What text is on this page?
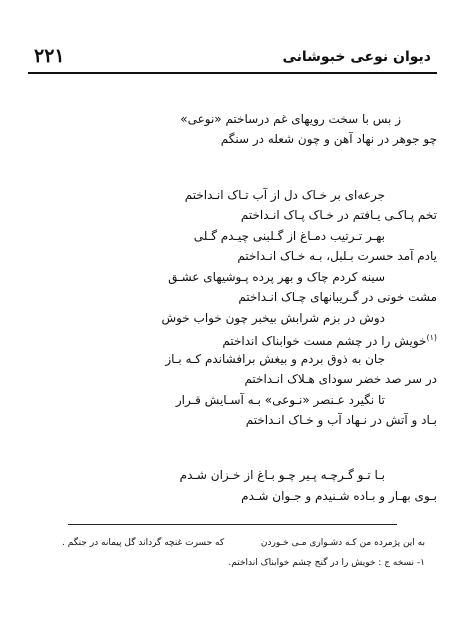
۲۲۱	دیوان نوعی خبوشانی
ز بس با سخت رویهای غم درساختم «نوعی»
چو جوهر در نهاد آهن و چون شعله در سنگم
جرعه‌ای بر خـاک دل از آب تـاک انـداختم
تخم پـاکـی یـافتم در خـاک پـاک انـداختم
بهـر تـرتیب دمـاغ از گـلبنی چیـدم گـلی
یادم آمد حسرت بـلبل، بـه خـاک انـداختم
سینه کردم چاک و بهر پرده پـوشیهای عشـق
مشت خونی در گـریبانهای چـاک انـداختم
دوش در بزم شرابش بیخبر چون خواب خوش
$^{(۱)}$خویش را در چشم مست خوابناک انداختم
جان به ذوق بردم و بیغش برافشاندم کـه بـاز
در سر صد خضر سودای هـلاک انـداختم
تا نگیرد عـنصر «نـوعی» بـه آسـایش قـرار
بـاد و آتش در نـهاد آب و خـاک انـداختم
بـا تـو گـرچـه پـیر چـو بـاغ از خـزان شـدم
بـوی بهـار و بـاده شـنیدم و جـوان شـدم
به این پژمرده من کـه دشـواری مـی خـوردن
که حسرت غنچه گرداند گل پیمانه در جنگم .
۱- نسخه ج : خویش را در گنج چشم خوابناک انداختم.
